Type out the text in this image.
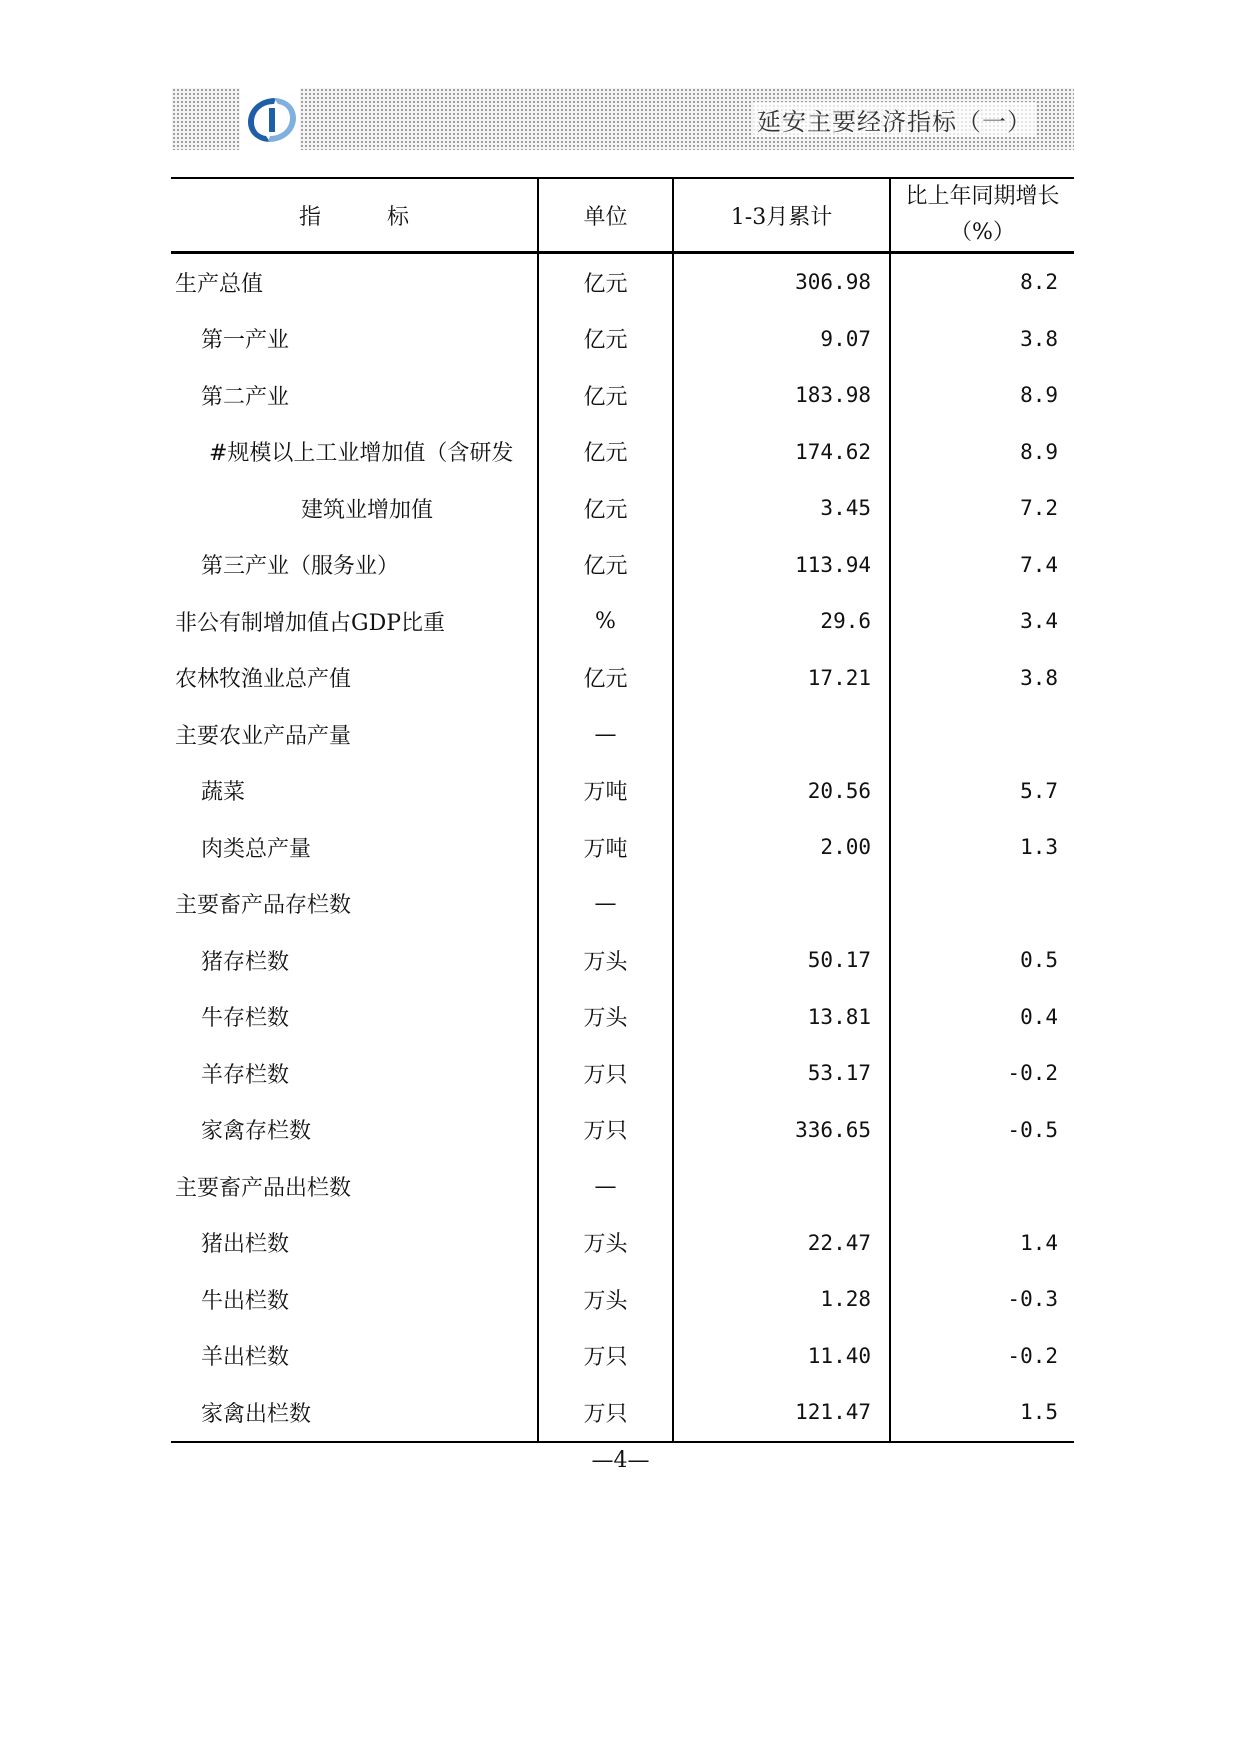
延安主要经济指标（一）
指　　　标	单位	1-3月累计	比上年同期增长（%）
生产总值	亿元	306.98	8.2
第一产业	亿元	9.07	3.8
第二产业	亿元	183.98	8.9
#规模以上工业增加值（含研发	亿元	174.62	8.9
建筑业增加值	亿元	3.45	7.2
第三产业（服务业）	亿元	113.94	7.4
非公有制增加值占GDP比重	%	29.6	3.4
农林牧渔业总产值	亿元	17.21	3.8
主要农业产品产量	—		
蔬菜	万吨	20.56	5.7
肉类总产量	万吨	2.00	1.3
主要畜产品存栏数	—		
猪存栏数	万头	50.17	0.5
牛存栏数	万头	13.81	0.4
羊存栏数	万只	53.17	-0.2
家禽存栏数	万只	336.65	-0.5
主要畜产品出栏数	—		
猪出栏数	万头	22.47	1.4
牛出栏数	万头	1.28	-0.3
羊出栏数	万只	11.40	-0.2
家禽出栏数	万只	121.47	1.5
—4—
